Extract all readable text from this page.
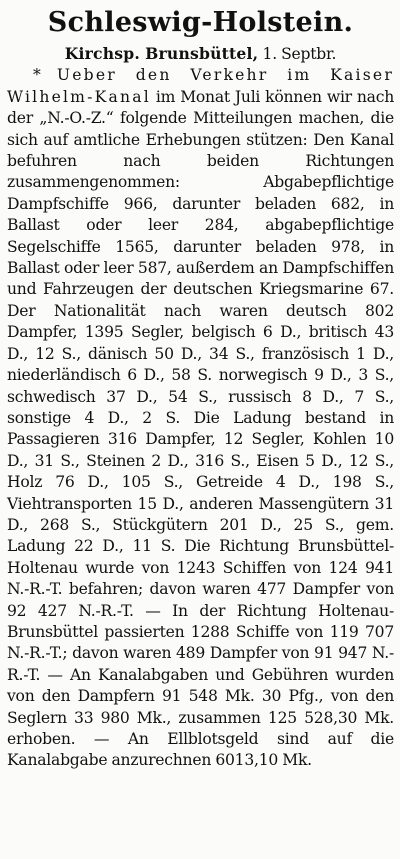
Schleswig-Holstein.

Kirchsp. Brunsbüttel, 1. Septbr.
* Ueber den Verkehr im Kaiser Wilhelm-Kanal im Monat Juli können wir nach der „N.-O.-Z.“ folgende Mitteilungen machen, die sich auf amtliche Erhebungen stützen: Den Kanal befuhren nach beiden Richtungen zusammengenommen: Abgabepflichtige Dampfschiffe 966, darunter beladen 682, in Ballast oder leer 284, abgabepflichtige Segelschiffe 1565, darunter beladen 978, in Ballast oder leer 587, außerdem an Dampfschiffen und Fahrzeugen der deutschen Kriegsmarine 67. Der Nationalität nach waren deutsch 802 Dampfer, 1395 Segler, belgisch 6 D., britisch 43 D., 12 S., dänisch 50 D., 34 S., französisch 1 D., niederländisch 6 D., 58 S. norwegisch 9 D., 3 S., schwedisch 37 D., 54 S., russisch 8 D., 7 S., sonstige 4 D., 2 S. Die Ladung bestand in Passagieren 316 Dampfer, 12 Segler, Kohlen 10 D., 31 S., Steinen 2 D., 316 S., Eisen 5 D., 12 S., Holz 76 D., 105 S., Getreide 4 D., 198 S., Viehtransporten 15 D., anderen Massengütern 31 D., 268 S., Stückgütern 201 D., 25 S., gem. Ladung 22 D., 11 S. Die Richtung Brunsbüttel-Holtenau wurde von 1243 Schiffen von 124 941 N.-R.-T. befahren; davon waren 477 Dampfer von 92 427 N.-R.-T. — In der Richtung Holtenau-Brunsbüttel passierten 1288 Schiffe von 119 707 N.-R.-T.; davon waren 489 Dampfer von 91 947 N.-R.-T. — An Kanalabgaben und Gebühren wurden von den Dampfern 91 548 Mk. 30 Pfg., von den Seglern 33 980 Mk., zusammen 125 528,30 Mk. erhoben. — An Ellblotsgeld sind auf die Kanalabgabe anzurechnen 6013,10 Mk.
